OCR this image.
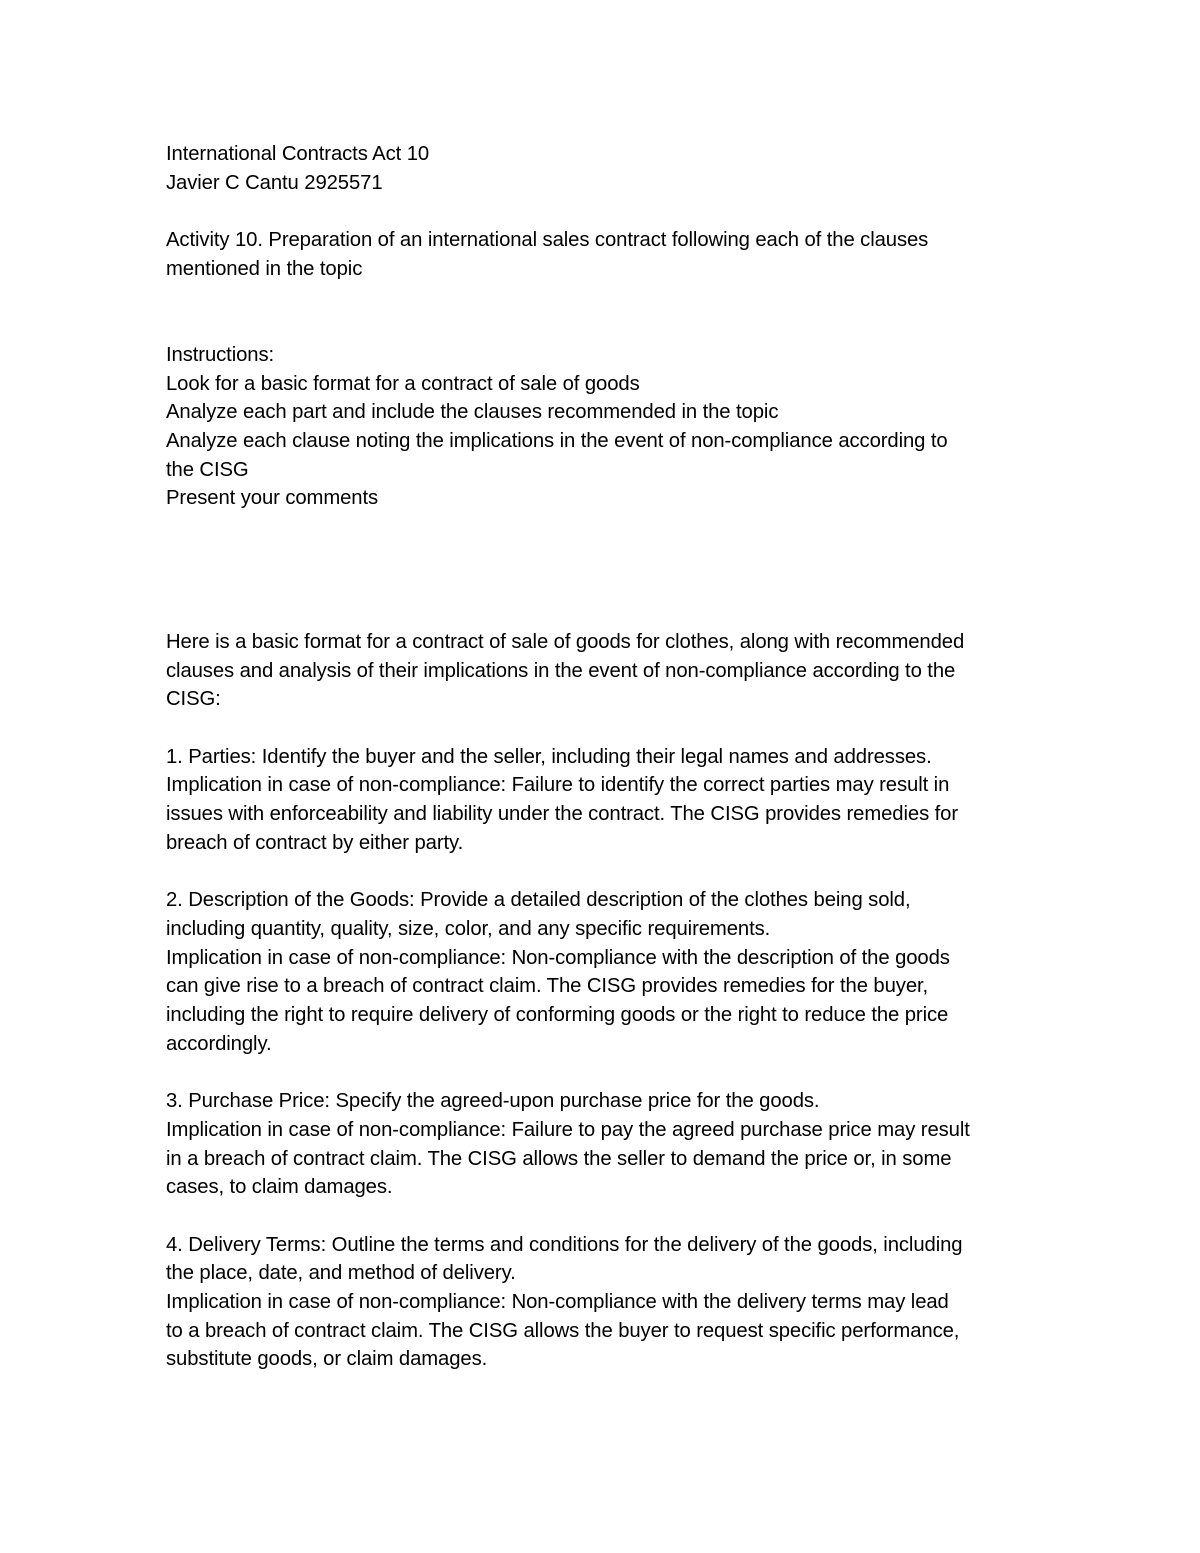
International Contracts Act 10
Javier C Cantu 2925571
Activity 10. Preparation of an international sales contract following each of the clauses
mentioned in the topic
Instructions:
Look for a basic format for a contract of sale of goods
Analyze each part and include the clauses recommended in the topic
Analyze each clause noting the implications in the event of non-compliance according to
the CISG
Present your comments
Here is a basic format for a contract of sale of goods for clothes, along with recommended
clauses and analysis of their implications in the event of non-compliance according to the
CISG:
1. Parties: Identify the buyer and the seller, including their legal names and addresses.
Implication in case of non-compliance: Failure to identify the correct parties may result in
issues with enforceability and liability under the contract. The CISG provides remedies for
breach of contract by either party.
2. Description of the Goods: Provide a detailed description of the clothes being sold,
including quantity, quality, size, color, and any specific requirements.
Implication in case of non-compliance: Non-compliance with the description of the goods
can give rise to a breach of contract claim. The CISG provides remedies for the buyer,
including the right to require delivery of conforming goods or the right to reduce the price
accordingly.
3. Purchase Price: Specify the agreed-upon purchase price for the goods.
Implication in case of non-compliance: Failure to pay the agreed purchase price may result
in a breach of contract claim. The CISG allows the seller to demand the price or, in some
cases, to claim damages.
4. Delivery Terms: Outline the terms and conditions for the delivery of the goods, including
the place, date, and method of delivery.
Implication in case of non-compliance: Non-compliance with the delivery terms may lead
to a breach of contract claim. The CISG allows the buyer to request specific performance,
substitute goods, or claim damages.
